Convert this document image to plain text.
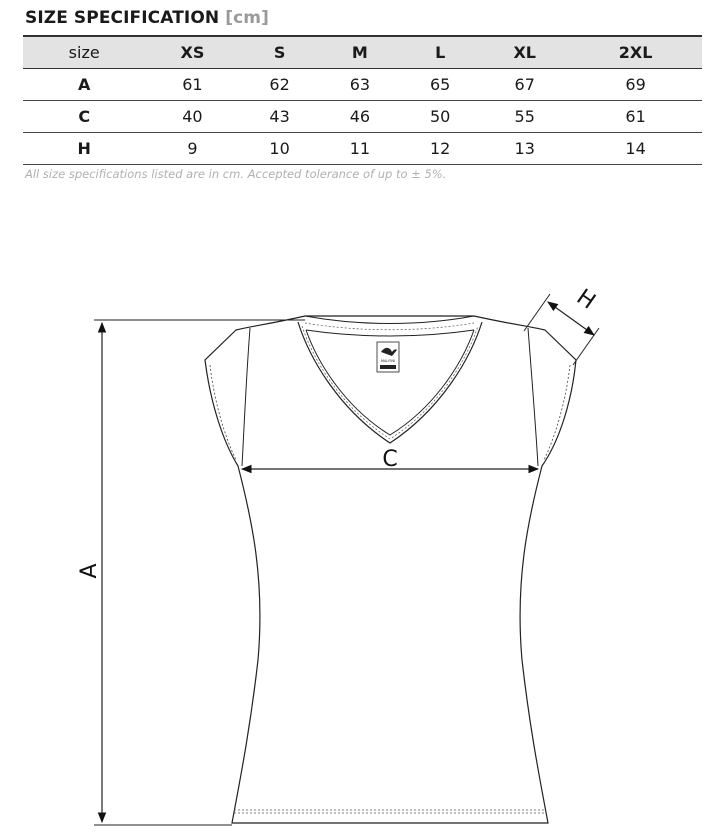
SIZE SPECIFICATION [cm]
size	XS	S	M	L	XL	2XL
A	61	62	63	65	67	69
C	40	43	46	50	55	61
H	9	10	11	12	13	14
All size specifications listed are in cm. Accepted tolerance of up to ± 5%.
MALFINI
A
C
H
